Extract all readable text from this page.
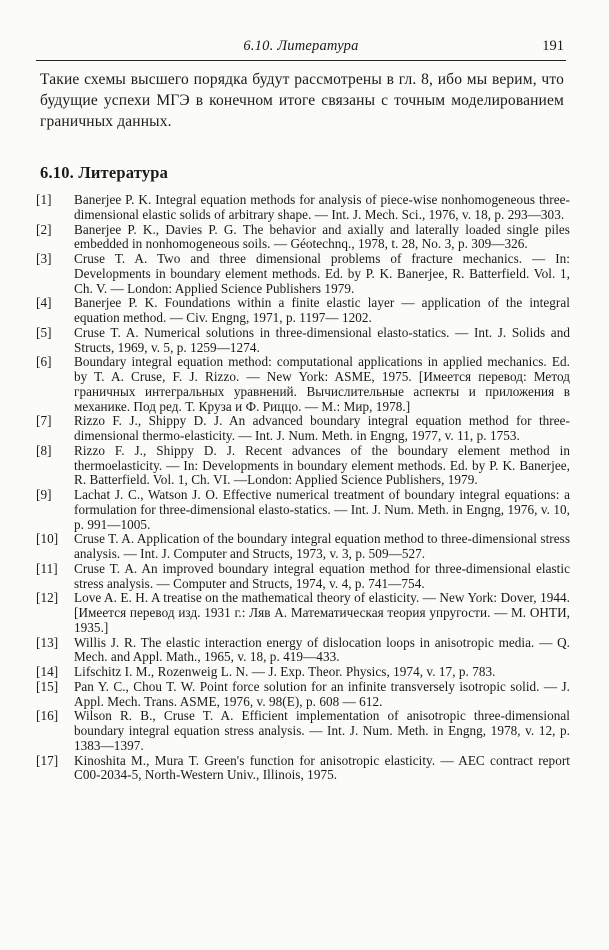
6.10. Литература	191

Такие схемы высшего порядка будут рассмотрены в гл. 8, ибо мы верим, что будущие успехи МГЭ в конечном итоге связаны с точным моделированием граничных данных.

6.10. Литература
[1]	Banerjee P. K. Integral equation methods for analysis of piece-wise nonhomogeneous three-dimensional elastic solids of arbitrary shape. — Int. J. Mech. Sci., 1976, v. 18, p. 293—303.
[2]	Banerjee P. K., Davies P. G. The behavior and axially and laterally loaded single piles embedded in nonhomogeneous soils. — Géotechnq., 1978, t. 28, No. 3, p. 309—326.
[3]	Cruse T. A. Two and three dimensional problems of fracture mechanics. — In: Developments in boundary element methods. Ed. by P. K. Banerjee, R. Batterfield. Vol. 1, Ch. V. — London: Applied Science Publishers 1979.
[4]	Banerjee P. K. Foundations within a finite elastic layer — application of the integral equation method. — Civ. Engng, 1971, p. 1197— 1202.
[5]	Cruse T. A. Numerical solutions in three-dimensional elasto-statics. — Int. J. Solids and Structs, 1969, v. 5, p. 1259—1274.
[6]	Boundary integral equation method: computational applications in applied mechanics. Ed. by T. A. Cruse, F. J. Rizzo. — New York: ASME, 1975. [Имеется перевод: Метод граничных интегральных уравнений. Вычислительные аспекты и приложения в механике. Под ред. Т. Круза и Ф. Риццо. — М.: Мир, 1978.]
[7]	Rizzo F. J., Shippy D. J. An advanced boundary integral equation method for three-dimensional thermo-elasticity. — Int. J. Num. Meth. in Engng, 1977, v. 11, p. 1753.
[8]	Rizzo F. J., Shippy D. J. Recent advances of the boundary element method in thermoelasticity. — In: Developments in boundary element methods. Ed. by P. K. Banerjee, R. Batterfield. Vol. 1, Ch. VI. —London: Applied Science Publishers, 1979.
[9]	Lachat J. C., Watson J. O. Effective numerical treatment of boundary integral equations: a formulation for three-dimensional elasto-statics. — Int. J. Num. Meth. in Engng, 1976, v. 10, p. 991—1005.
[10]	Cruse T. A. Application of the boundary integral equation method to three-dimensional stress analysis. — Int. J. Computer and Structs, 1973, v. 3, p. 509—527.
[11]	Cruse T. A. An improved boundary integral equation method for three-dimensional elastic stress analysis. — Computer and Structs, 1974, v. 4, p. 741—754.
[12]	Love A. E. H. A treatise on the mathematical theory of elasticity. — New York: Dover, 1944. [Имеется перевод изд. 1931 г.: Ляв А. Математическая теория упругости. — М. ОНТИ, 1935.]
[13]	Willis J. R. The elastic interaction energy of dislocation loops in anisotropic media. — Q. Mech. and Appl. Math., 1965, v. 18, p. 419—433.
[14]	Lifschitz I. M., Rozenweig L. N. — J. Exp. Theor. Physics, 1974, v. 17, p. 783.
[15]	Pan Y. C., Chou T. W. Point force solution for an infinite transversely isotropic solid. — J. Appl. Mech. Trans. ASME, 1976, v. 98(E), p. 608 — 612.
[16]	Wilson R. B., Cruse T. A. Efficient implementation of anisotropic three-dimensional boundary integral equation stress analysis. — Int. J. Num. Meth. in Engng, 1978, v. 12, p. 1383—1397.
[17]	Kinoshita M., Mura T. Green's function for anisotropic elasticity. — AEC contract report C00-2034-5, North-Western Univ., Illinois, 1975.
